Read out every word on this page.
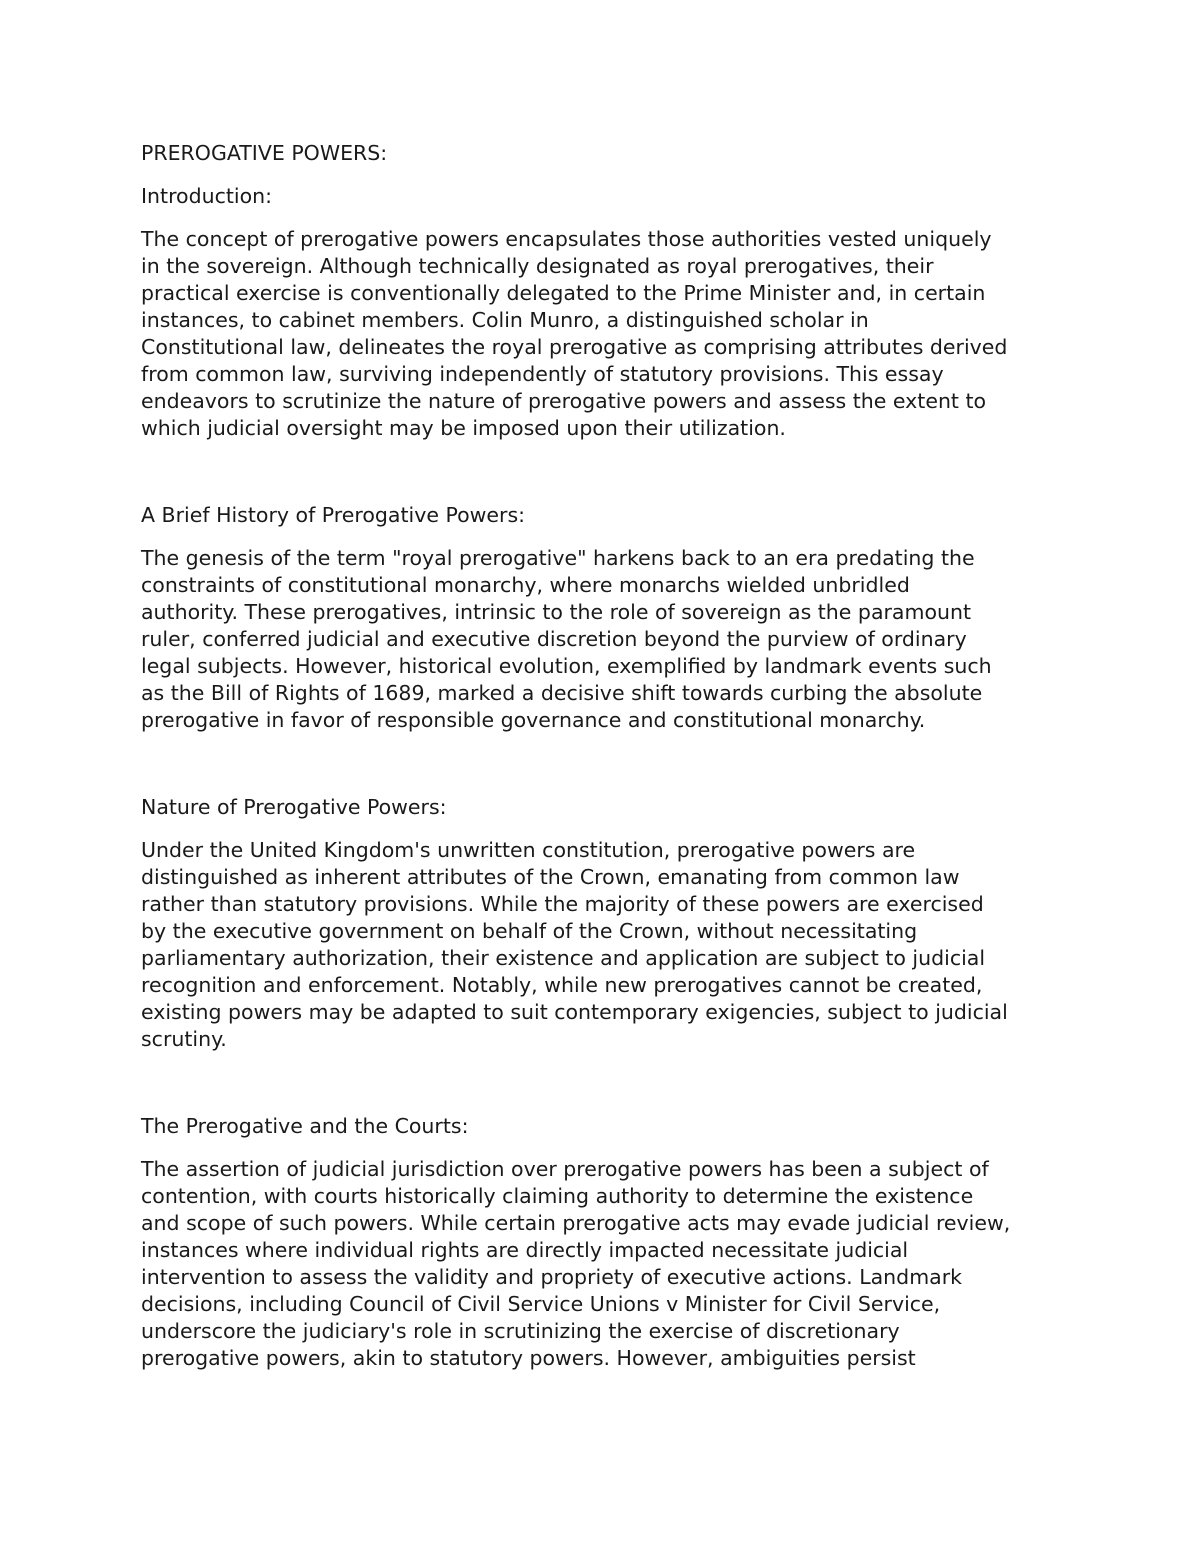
PREROGATIVE POWERS:
Introduction:
The concept of prerogative powers encapsulates those authorities vested uniquely
in the sovereign. Although technically designated as royal prerogatives, their
practical exercise is conventionally delegated to the Prime Minister and, in certain
instances, to cabinet members. Colin Munro, a distinguished scholar in
Constitutional law, delineates the royal prerogative as comprising attributes derived
from common law, surviving independently of statutory provisions. This essay
endeavors to scrutinize the nature of prerogative powers and assess the extent to
which judicial oversight may be imposed upon their utilization.
A Brief History of Prerogative Powers:
The genesis of the term "royal prerogative" harkens back to an era predating the
constraints of constitutional monarchy, where monarchs wielded unbridled
authority. These prerogatives, intrinsic to the role of sovereign as the paramount
ruler, conferred judicial and executive discretion beyond the purview of ordinary
legal subjects. However, historical evolution, exemplified by landmark events such
as the Bill of Rights of 1689, marked a decisive shift towards curbing the absolute
prerogative in favor of responsible governance and constitutional monarchy.
Nature of Prerogative Powers:
Under the United Kingdom's unwritten constitution, prerogative powers are
distinguished as inherent attributes of the Crown, emanating from common law
rather than statutory provisions. While the majority of these powers are exercised
by the executive government on behalf of the Crown, without necessitating
parliamentary authorization, their existence and application are subject to judicial
recognition and enforcement. Notably, while new prerogatives cannot be created,
existing powers may be adapted to suit contemporary exigencies, subject to judicial
scrutiny.
The Prerogative and the Courts:
The assertion of judicial jurisdiction over prerogative powers has been a subject of
contention, with courts historically claiming authority to determine the existence
and scope of such powers. While certain prerogative acts may evade judicial review,
instances where individual rights are directly impacted necessitate judicial
intervention to assess the validity and propriety of executive actions. Landmark
decisions, including Council of Civil Service Unions v Minister for Civil Service,
underscore the judiciary's role in scrutinizing the exercise of discretionary
prerogative powers, akin to statutory powers. However, ambiguities persist
